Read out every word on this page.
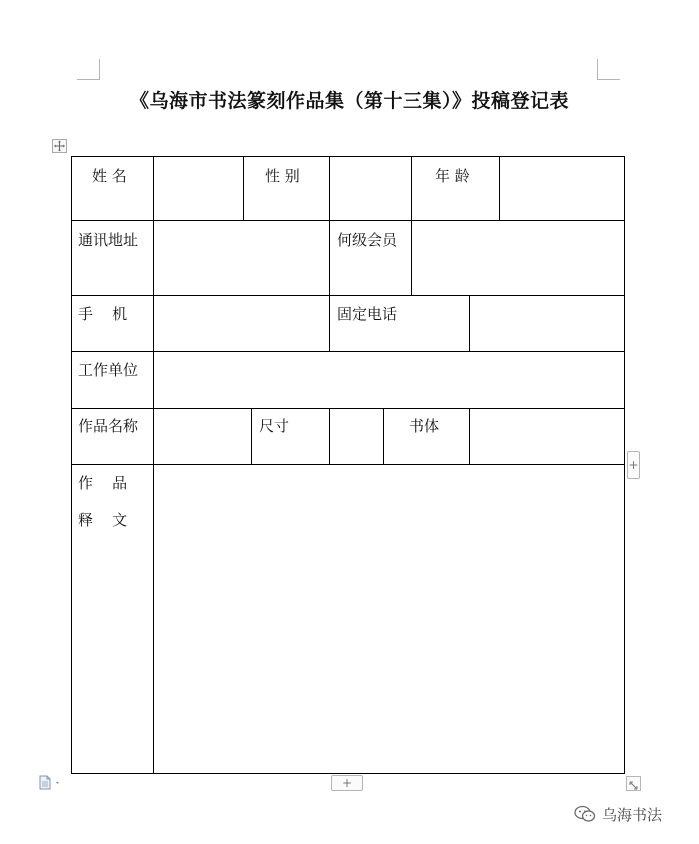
《乌海市书法篆刻作品集（第十三集）》投稿登记表
姓 名	性 别	年 龄
通讯地址	何级会员
手    机	固定电话
工作单位
作品名称	尺寸	书体
作    品
释    文
+
+
乌海书法
